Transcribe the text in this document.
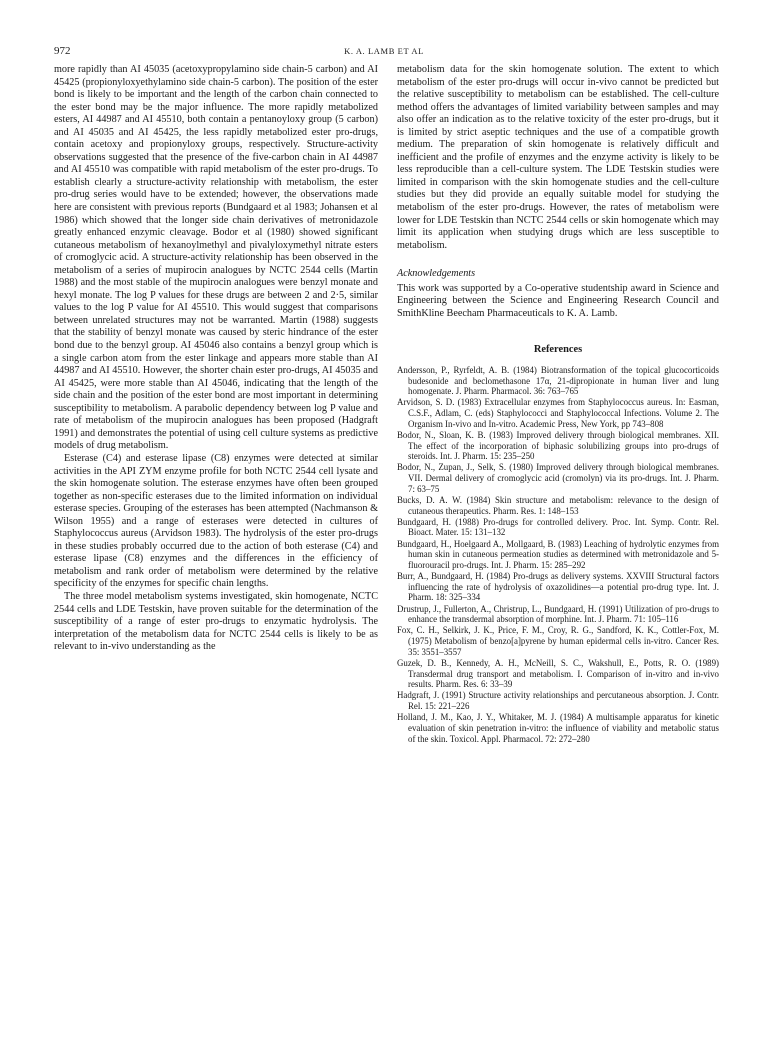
972	K. A. LAMB ET AL

more rapidly than AI 45035 (acetoxypropylamino side chain-5 carbon) and AI 45425 (propionyloxyethylamino side chain-5 carbon). The position of the ester bond is likely to be important and the length of the carbon chain connected to the ester bond may be the major influence. The more rapidly metabolized esters, AI 44987 and AI 45510, both contain a pentanoyloxy group (5 carbon) and AI 45035 and AI 45425, the less rapidly metabolized ester pro-drugs, contain acetoxy and propionyloxy groups, respectively. Structure-activity observations suggested that the presence of the five-carbon chain in AI 44987 and AI 45510 was compatible with rapid metabolism of the ester pro-drugs. To establish clearly a structure-activity relationship with metabolism, the ester pro-drug series would have to be extended; however, the observations made here are consistent with previous reports (Bundgaard et al 1983; Johansen et al 1986) which showed that the longer side chain derivatives of metronidazole greatly enhanced enzymic cleavage. Bodor et al (1980) showed significant cutaneous metabolism of hexanoylmethyl and pivalyloxymethyl nitrate esters of cromoglycic acid. A structure-activity relationship has been observed in the metabolism of a series of mupirocin analogues by NCTC 2544 cells (Martin 1988) and the most stable of the mupirocin analogues were benzyl monate and hexyl monate. The log P values for these drugs are between 2 and 2·5, similar values to the log P value for AI 45510. This would suggest that comparisons between unrelated structures may not be warranted. Martin (1988) suggests that the stability of benzyl monate was caused by steric hindrance of the ester bond due to the benzyl group. AI 45046 also contains a benzyl group which is a single carbon atom from the ester linkage and appears more stable than AI 44987 and AI 45510. However, the shorter chain ester pro-drugs, AI 45035 and AI 45425, were more stable than AI 45046, indicating that the length of the side chain and the position of the ester bond are most important in determining susceptibility to metabolism. A parabolic dependency between log P value and rate of metabolism of the mupirocin analogues has been proposed (Hadgraft 1991) and demonstrates the potential of using cell culture systems as predictive models of drug metabolism.

Esterase (C4) and esterase lipase (C8) enzymes were detected at similar activities in the API ZYM enzyme profile for both NCTC 2544 cell lysate and the skin homogenate solution. The esterase enzymes have often been grouped together as non-specific esterases due to the limited information on individual esterase species. Grouping of the esterases has been attempted (Nachmanson & Wilson 1955) and a range of esterases were detected in cultures of Staphylococcus aureus (Arvidson 1983). The hydrolysis of the ester pro-drugs in these studies probably occurred due to the action of both esterase (C4) and esterase lipase (C8) enzymes and the differences in the efficiency of metabolism and rank order of metabolism were determined by the relative specificity of the enzymes for specific chain lengths.

The three model metabolism systems investigated, skin homogenate, NCTC 2544 cells and LDE Testskin, have proven suitable for the determination of the susceptibility of a range of ester pro-drugs to enzymatic hydrolysis. The interpretation of the metabolism data for NCTC 2544 cells is likely to be as relevant to in-vivo understanding as the

metabolism data for the skin homogenate solution. The extent to which metabolism of the ester pro-drugs will occur in-vivo cannot be predicted but the relative susceptibility to metabolism can be established. The cell-culture method offers the advantages of limited variability between samples and may also offer an indication as to the relative toxicity of the ester pro-drugs, but it is limited by strict aseptic techniques and the use of a compatible growth medium. The preparation of skin homogenate is relatively difficult and inefficient and the profile of enzymes and the enzyme activity is likely to be less reproducible than a cell-culture system. The LDE Testskin studies were limited in comparison with the skin homogenate studies and the cell-culture studies but they did provide an equally suitable model for studying the metabolism of the ester pro-drugs. However, the rates of metabolism were lower for LDE Testskin than NCTC 2544 cells or skin homogenate which may limit its application when studying drugs which are less susceptible to metabolism.

Acknowledgements

This work was supported by a Co-operative studentship award in Science and Engineering between the Science and Engineering Research Council and SmithKline Beecham Pharmaceuticals to K. A. Lamb.

References
Andersson, P., Ryrfeldt, A. B. (1984) Biotransformation of the topical glucocorticoids budesonide and beclomethasone 17α, 21-dipropionate in human liver and lung homogenate. J. Pharm. Pharmacol. 36: 763–765
Arvidson, S. D. (1983) Extracellular enzymes from Staphylococcus aureus. In: Easman, C.S.F., Adlam, C. (eds) Staphylococci and Staphylococcal Infections. Volume 2. The Organism In-vivo and In-vitro. Academic Press, New York, pp 743–808
Bodor, N., Sloan, K. B. (1983) Improved delivery through biological membranes. XII. The effect of the incorporation of biphasic solubilizing groups into pro-drugs of steroids. Int. J. Pharm. 15: 235–250
Bodor, N., Zupan, J., Selk, S. (1980) Improved delivery through biological membranes. VII. Dermal delivery of cromoglycic acid (cromolyn) via its pro-drugs. Int. J. Pharm. 7: 63–75
Bucks, D. A. W. (1984) Skin structure and metabolism: relevance to the design of cutaneous therapeutics. Pharm. Res. 1: 148–153
Bundgaard, H. (1988) Pro-drugs for controlled delivery. Proc. Int. Symp. Contr. Rel. Bioact. Mater. 15: 131–132
Bundgaard, H., Hoelgaard A., Mollgaard, B. (1983) Leaching of hydrolytic enzymes from human skin in cutaneous permeation studies as determined with metronidazole and 5-fluorouracil pro-drugs. Int. J. Pharm. 15: 285–292
Burr, A., Bundgaard, H. (1984) Pro-drugs as delivery systems. XXVIII Structural factors influencing the rate of hydrolysis of oxazolidines—a potential pro-drug type. Int. J. Pharm. 18: 325–334
Drustrup, J., Fullerton, A., Christrup, L., Bundgaard, H. (1991) Utilization of pro-drugs to enhance the transdermal absorption of morphine. Int. J. Pharm. 71: 105–116
Fox, C. H., Selkirk, J. K., Price, F. M., Croy, R. G., Sandford, K. K., Cottler-Fox, M. (1975) Metabolism of benzo[a]pyrene by human epidermal cells in-vitro. Cancer Res. 35: 3551–3557
Guzek, D. B., Kennedy, A. H., McNeill, S. C., Wakshull, E., Potts, R. O. (1989) Transdermal drug transport and metabolism. I. Comparison of in-vitro and in-vivo results. Pharm. Res. 6: 33–39
Hadgraft, J. (1991) Structure activity relationships and percutaneous absorption. J. Contr. Rel. 15: 221–226
Holland, J. M., Kao, J. Y., Whitaker, M. J. (1984) A multisample apparatus for kinetic evaluation of skin penetration in-vitro: the influence of viability and metabolic status of the skin. Toxicol. Appl. Pharmacol. 72: 272–280
